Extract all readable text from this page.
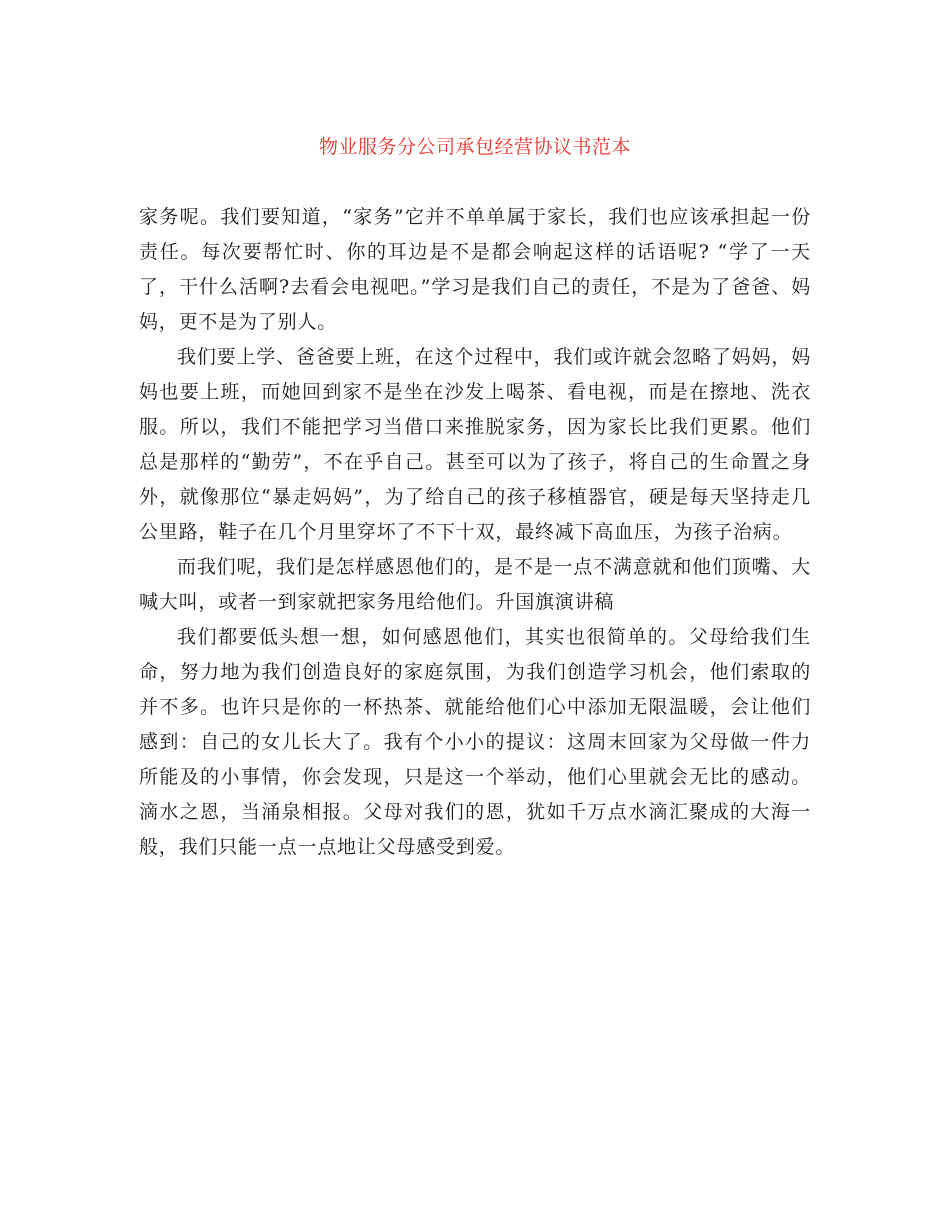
物业服务分公司承包经营协议书范本

家务呢。我们要知道，“家务”它并不单单属于家长，我们也应该承担起一份责任。每次要帮忙时、你的耳边是不是都会响起这样的话语呢? “学了一天了，干什么活啊?去看会电视吧。”学习是我们自己的责任，不是为了爸爸、妈妈，更不是为了别人。

我们要上学、爸爸要上班，在这个过程中，我们或许就会忽略了妈妈，妈妈也要上班，而她回到家不是坐在沙发上喝茶、看电视，而是在擦地、洗衣服。所以，我们不能把学习当借口来推脱家务，因为家长比我们更累。他们总是那样的“勤劳”，不在乎自己。甚至可以为了孩子，将自己的生命置之身外，就像那位“暴走妈妈”，为了给自己的孩子移植器官，硬是每天坚持走几公里路，鞋子在几个月里穿坏了不下十双，最终减下高血压，为孩子治病。

而我们呢，我们是怎样感恩他们的，是不是一点不满意就和他们顶嘴、大喊大叫，或者一到家就把家务甩给他们。升国旗演讲稿

我们都要低头想一想，如何感恩他们，其实也很简单的。父母给我们生命，努力地为我们创造良好的家庭氛围，为我们创造学习机会，他们索取的并不多。也许只是你的一杯热茶、就能给他们心中添加无限温暖，会让他们感到：自己的女儿长大了。我有个小小的提议：这周末回家为父母做一件力所能及的小事情，你会发现，只是这一个举动，他们心里就会无比的感动。滴水之恩，当涌泉相报。父母对我们的恩，犹如千万点水滴汇聚成的大海一般，我们只能一点一点地让父母感受到爱。
